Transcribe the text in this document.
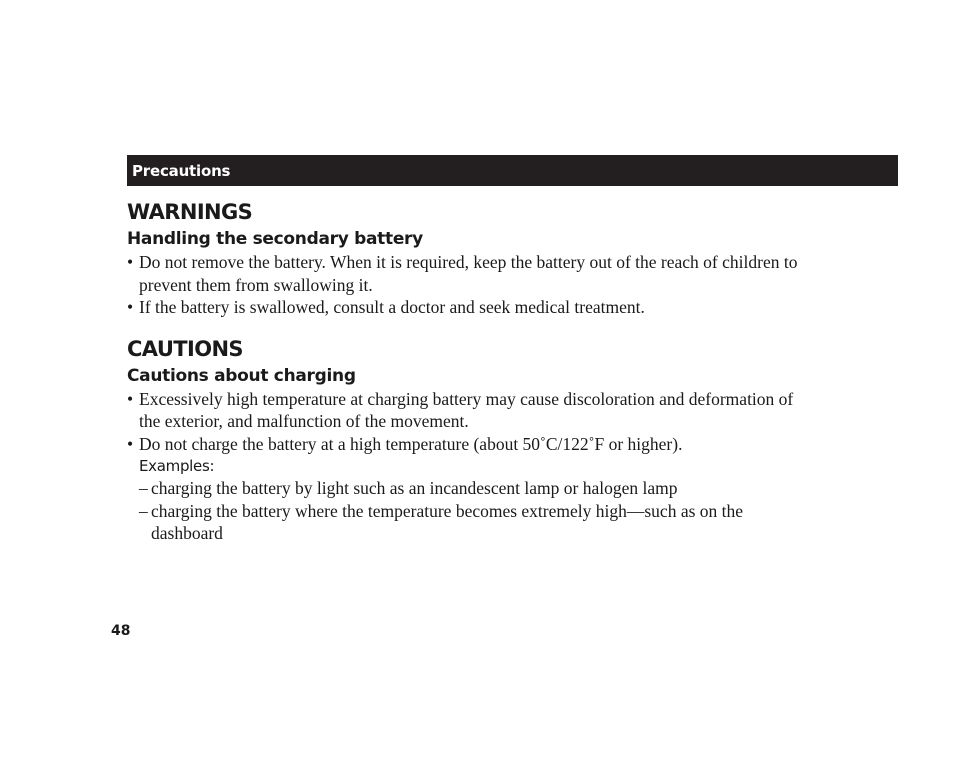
Precautions
WARNINGS
Handling the secondary battery
• Do not remove the battery. When it is required, keep the battery out of the reach of children to prevent them from swallowing it.
• If the battery is swallowed, consult a doctor and seek medical treatment.
CAUTIONS
Cautions about charging
• Excessively high temperature at charging battery may cause discoloration and deformation of the exterior, and malfunction of the movement.
• Do not charge the battery at a high temperature (about 50˚C/122˚F or higher).
Examples:
– charging the battery by light such as an incandescent lamp or halogen lamp
– charging the battery where the temperature becomes extremely high—such as on the dashboard
48
